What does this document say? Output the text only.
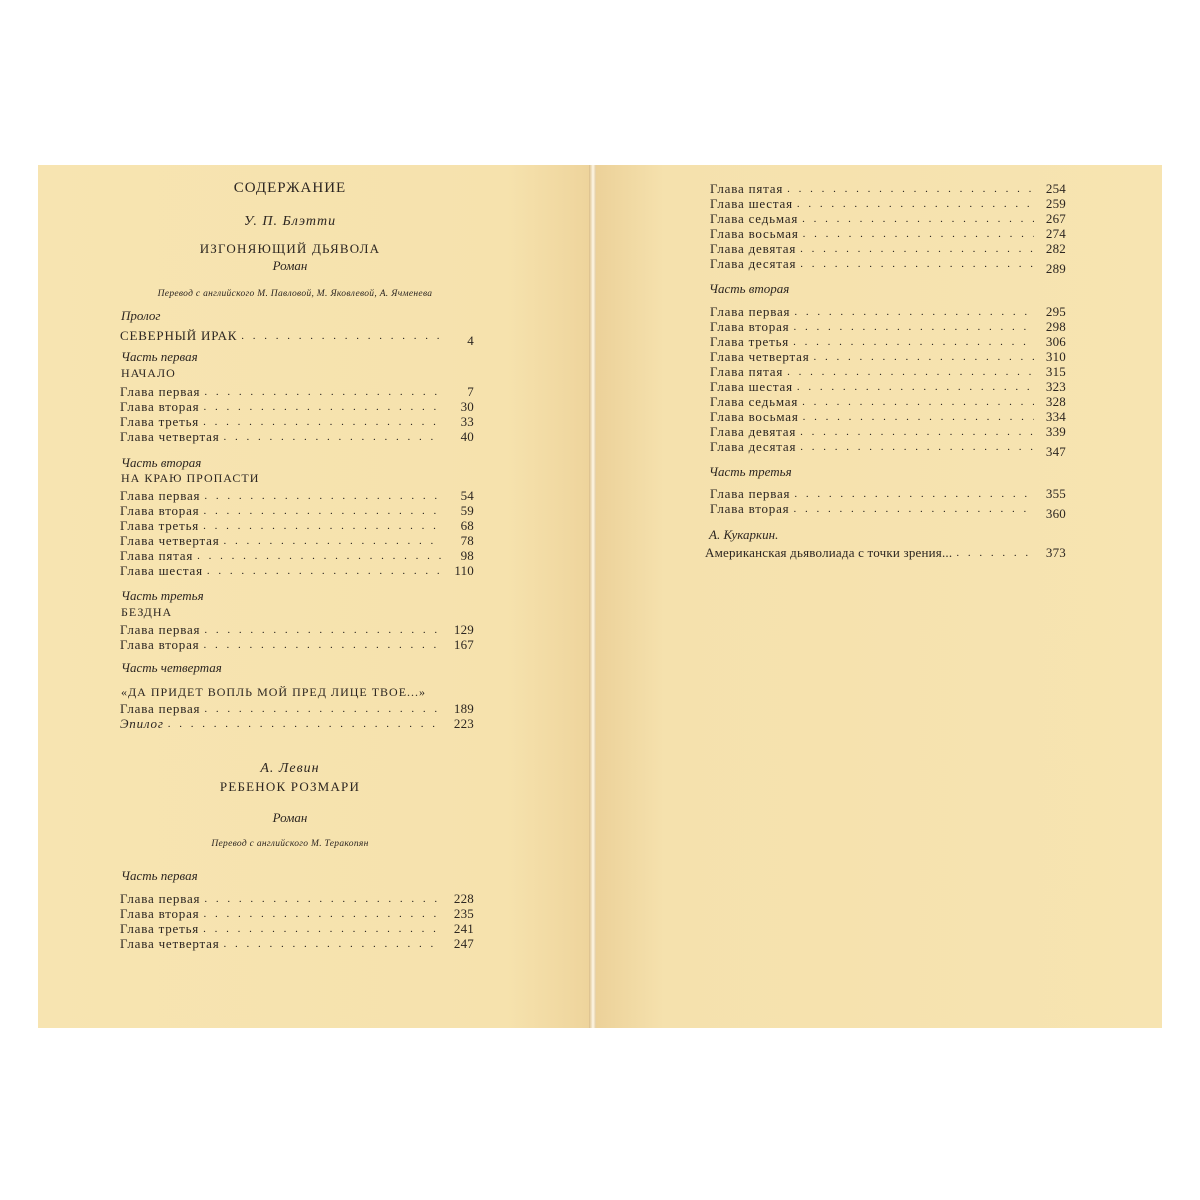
СОДЕРЖАНИЕ
У. П. Блэтти
ИЗГОНЯЮЩИЙ ДЬЯВОЛА
Роман
Перевод с английского М. Павловой, М. Яковлевой, А. Ячменева
Пролог
СЕВЕРНЫЙ ИРАК . . .	4
Часть первая
НАЧАЛО
Глава первая . . .	7
Глава вторая . . .	30
Глава третья . . .	33
Глава четвертая . . .	40
Часть вторая
НА КРАЮ ПРОПАСТИ
Глава первая . . .	54
Глава вторая . . .	59
Глава третья . . .	68
Глава четвертая . . .	78
Глава пятая . . .	98
Глава шестая . . .	110
Часть третья
БЕЗДНА
Глава первая . . .	129
Глава вторая . . .	167
Часть четвертая
«ДА ПРИДЕТ ВОПЛЬ МОЙ ПРЕД ЛИЦЕ ТВОЕ...»
Глава первая . . .	189
Эпилог . . .	223
А. Левин
РЕБЕНОК РОЗМАРИ
Роман
Перевод с английского М. Теракопян
Часть первая
Глава первая . . .	228
Глава вторая . . .	235
Глава третья . . .	241
Глава четвертая . . .	247
Глава пятая . . .	254
Глава шестая . . .	259
Глава седьмая . . .	267
Глава восьмая . . .	274
Глава девятая . . .	282
Глава десятая . . .	289
Часть вторая
Глава первая . . .	295
Глава вторая . . .	298
Глава третья . . .	306
Глава четвертая . . .	310
Глава пятая . . .	315
Глава шестая . . .	323
Глава седьмая . . .	328
Глава восьмая . . .	334
Глава девятая . . .	339
Глава десятая . . .	347
Часть третья
Глава первая . . .	355
Глава вторая . . .	360
А. Кукаркин.
Американская дьяволиада с точки зрения... . . .	373
